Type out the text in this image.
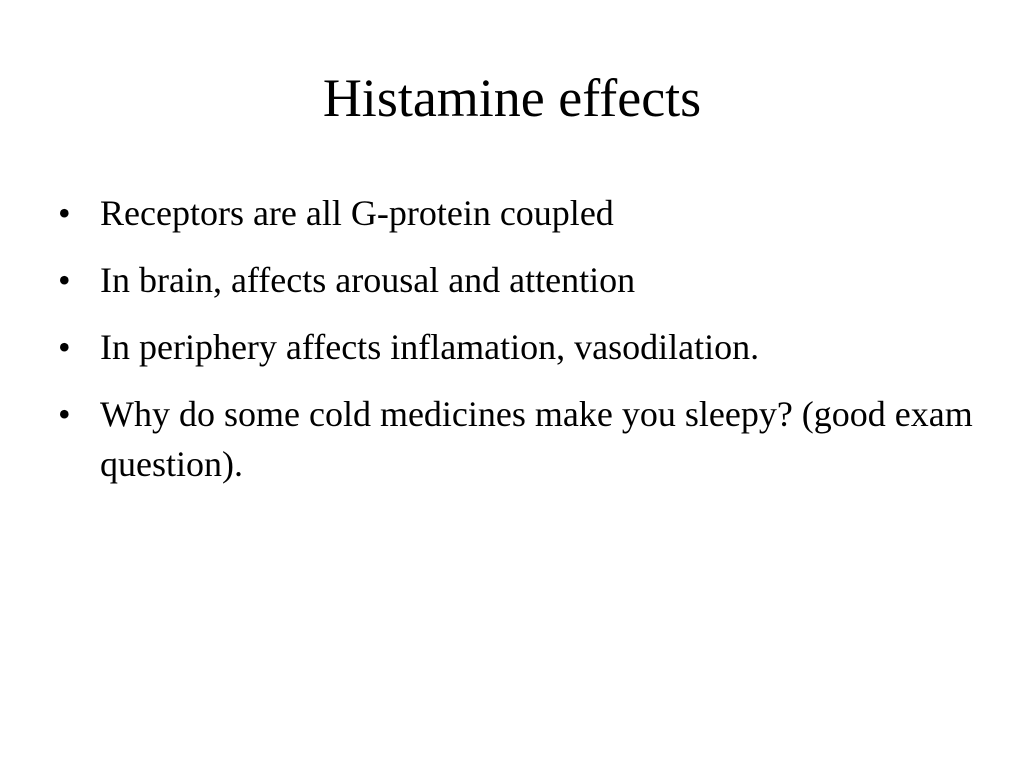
Histamine effects
• Receptors are all G-protein coupled
• In brain, affects arousal and attention
• In periphery affects inflamation, vasodilation.
• Why do some cold medicines make you sleepy? (good exam question).
